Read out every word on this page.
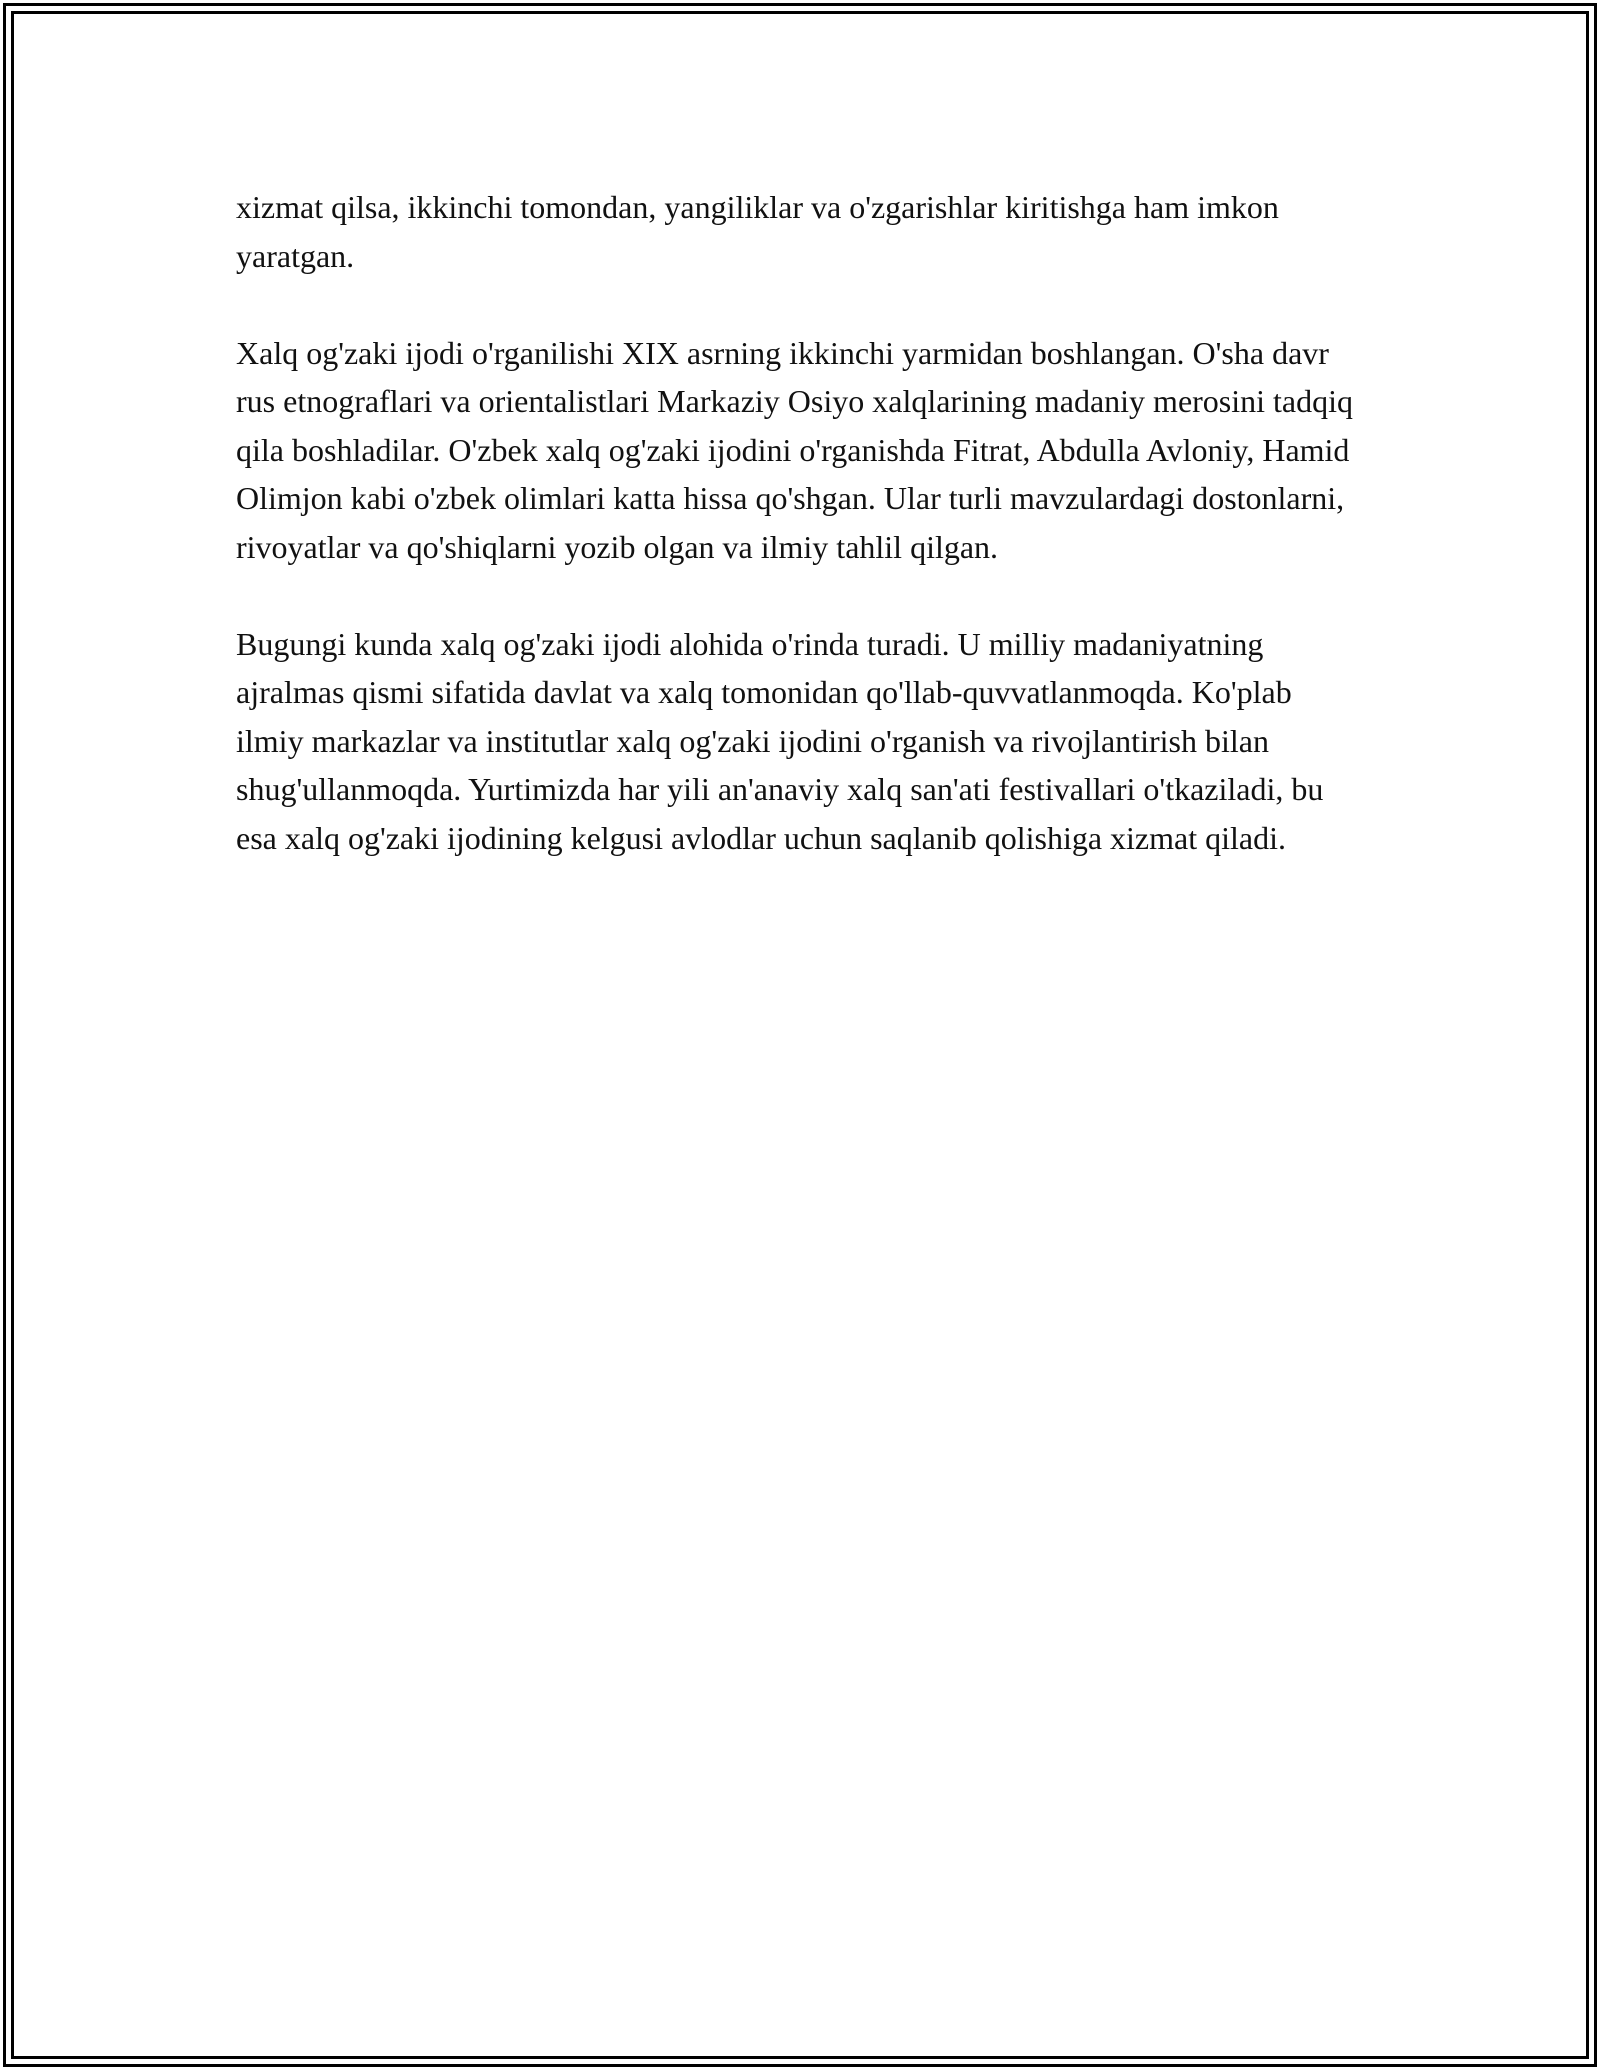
xizmat qilsa, ikkinchi tomondan, yangiliklar va o'zgarishlar kiritishga ham imkon yaratgan.

Xalq og'zaki ijodi o'rganilishi XIX asrning ikkinchi yarmidan boshlangan. O'sha davr rus etnograflari va orientalistlari Markaziy Osiyo xalqlarining madaniy merosini tadqiq qila boshladilar. O'zbek xalq og'zaki ijodini o'rganishda Fitrat, Abdulla Avloniy, Hamid Olimjon kabi o'zbek olimlari katta hissa qo'shgan. Ular turli mavzulardagi dostonlarni, rivoyatlar va qo'shiqlarni yozib olgan va ilmiy tahlil qilgan.

Bugungi kunda xalq og'zaki ijodi alohida o'rinda turadi. U milliy madaniyatning ajralmas qismi sifatida davlat va xalq tomonidan qo'llab-quvvatlanmoqda. Ko'plab ilmiy markazlar va institutlar xalq og'zaki ijodini o'rganish va rivojlantirish bilan shug'ullanmoqda. Yurtimizda har yili an'anaviy xalq san'ati festivallari o'tkaziladi, bu esa xalq og'zaki ijodining kelgusi avlodlar uchun saqlanib qolishiga xizmat qiladi.
